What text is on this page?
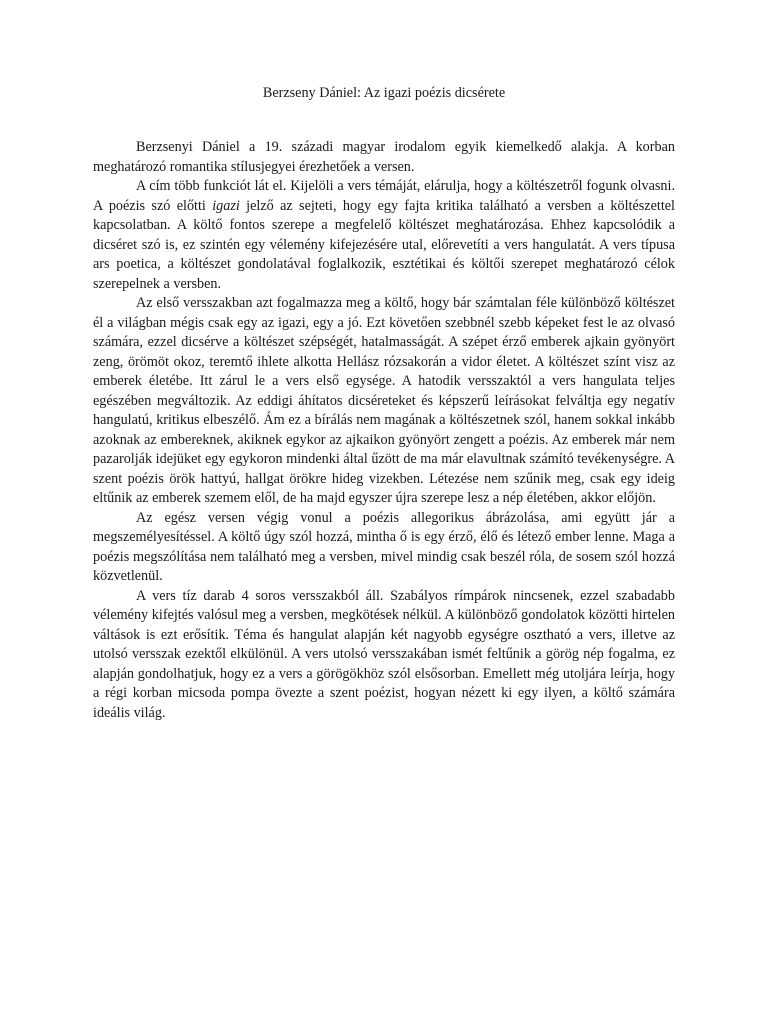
Berzseny Dániel: Az igazi poézis dicsérete

Berzsenyi Dániel a 19. századi magyar irodalom egyik kiemelkedő alakja. A korban meghatározó romantika stílusjegyei érezhetőek a versen.

A cím több funkciót lát el. Kijelöli a vers témáját, elárulja, hogy a költészetről fogunk olvasni. A poézis szó előtti igazi jelző az sejteti, hogy egy fajta kritika található a versben a költészettel kapcsolatban. A költő fontos szerepe a megfelelő költészet meghatározása. Ehhez kapcsolódik a dicséret szó is, ez szintén egy vélemény kifejezésére utal, előrevetíti a vers hangulatát. A vers típusa ars poetica, a költészet gondolatával foglalkozik, esztétikai és költői szerepet meghatározó célok szerepelnek a versben.

Az első versszakban azt fogalmazza meg a költő, hogy bár számtalan féle különböző költészet él a világban mégis csak egy az igazi, egy a jó. Ezt követően szebbnél szebb képeket fest le az olvasó számára, ezzel dicsérve a költészet szépségét, hatalmasságát. A szépet érző emberek ajkain gyönyört zeng, örömöt okoz, teremtő ihlete alkotta Hellász rózsakorán a vidor életet. A költészet színt visz az emberek életébe. Itt zárul le a vers első egysége. A hatodik versszaktól a vers hangulata teljes egészében megváltozik. Az eddigi áhítatos dicséreteket és képszerű leírásokat felváltja egy negatív hangulatú, kritikus elbeszélő. Ám ez a bírálás nem magának a költészetnek szól, hanem sokkal inkább azoknak az embereknek, akiknek egykor az ajkaikon gyönyört zengett a poézis. Az emberek már nem pazarolják idejüket egy egykoron mindenki által űzött de ma már elavultnak számító tevékenységre. A szent poézis örök hattyú, hallgat örökre hideg vizekben. Létezése nem szűnik meg, csak egy ideig eltűnik az emberek szemem elől, de ha majd egyszer újra szerepe lesz a nép életében, akkor előjön.

Az egész versen végig vonul a poézis allegorikus ábrázolása, ami együtt jár a megszemélyesítéssel. A költő úgy szól hozzá, mintha ő is egy érző, élő és létező ember lenne. Maga a poézis megszólítása nem található meg a versben, mivel mindig csak beszél róla, de sosem szól hozzá közvetlenül.

A vers tíz darab 4 soros versszakból áll. Szabályos rímpárok nincsenek, ezzel szabadabb vélemény kifejtés valósul meg a versben, megkötések nélkül. A különböző gondolatok közötti hirtelen váltások is ezt erősítik. Téma és hangulat alapján két nagyobb egységre osztható a vers, illetve az utolsó versszak ezektől elkülönül. A vers utolsó versszakában ismét feltűnik a görög nép fogalma, ez alapján gondolhatjuk, hogy ez a vers a görögökhöz szól elsősorban. Emellett még utoljára leírja, hogy a régi korban micsoda pompa övezte a szent poézist, hogyan nézett ki egy ilyen, a költő számára ideális világ.
